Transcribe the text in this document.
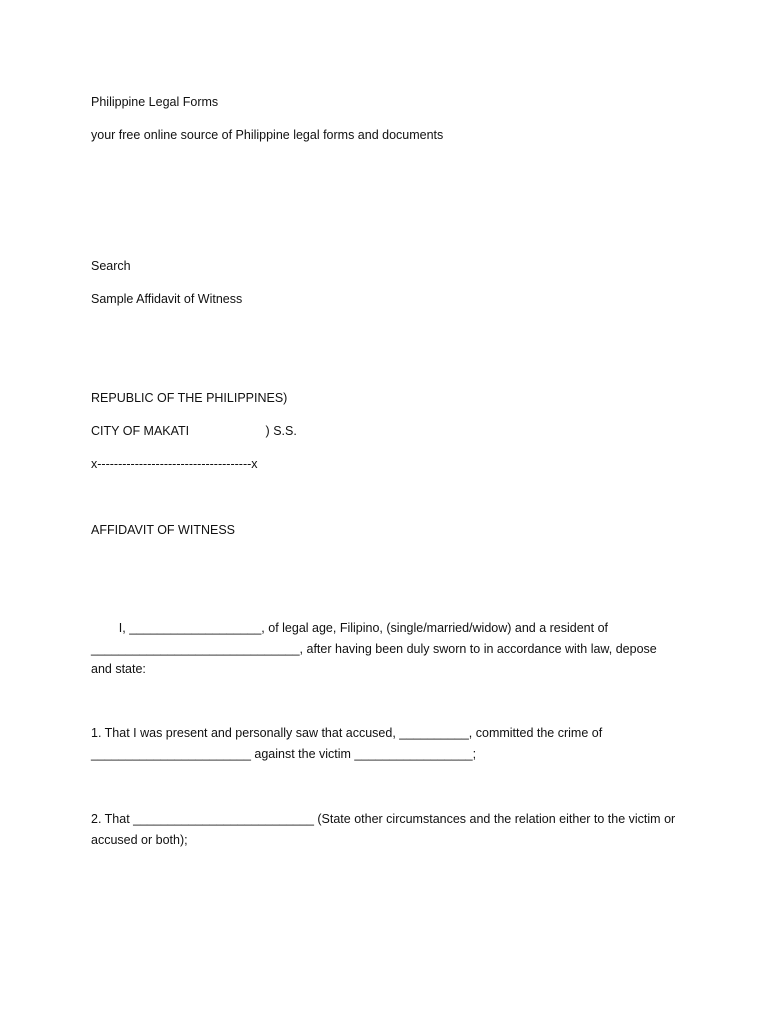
Philippine Legal Forms
your free online source of Philippine legal forms and documents
Search
Sample Affidavit of Witness
REPUBLIC OF THE PHILIPPINES)
CITY OF MAKATI                      ) S.S.
x-------------------------------------x
AFFIDAVIT OF WITNESS
I, ___________________, of legal age, Filipino, (single/married/widow) and a resident of ______________________________, after having been duly sworn to in accordance with law, depose and state:
1. That I was present and personally saw that accused, __________, committed the crime of _______________________ against the victim _________________;
2. That __________________________ (State other circumstances and the relation either to the victim or accused or both);
